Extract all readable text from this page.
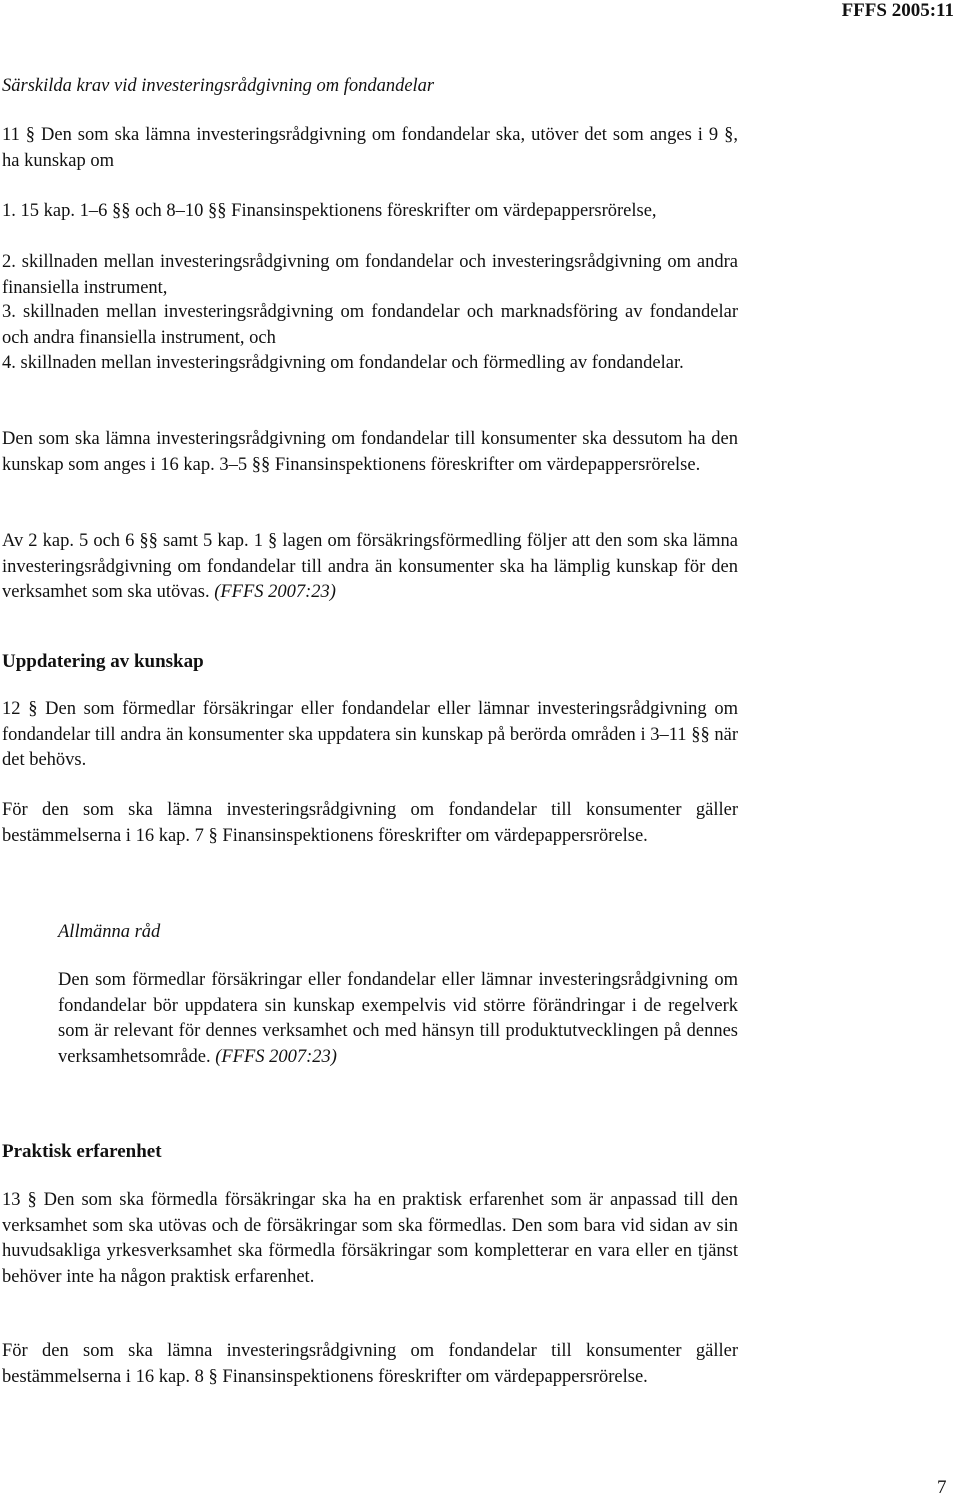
FFFS 2005:11
Särskilda krav vid investeringsrådgivning om fondandelar
11 § Den som ska lämna investeringsrådgivning om fondandelar ska, utöver det som anges i 9 §, ha kunskap om
1. 15 kap. 1–6 §§ och 8–10 §§ Finansinspektionens föreskrifter om värdepappersrörelse,
2. skillnaden mellan investeringsrådgivning om fondandelar och investeringsrådgivning om andra finansiella instrument,
3. skillnaden mellan investeringsrådgivning om fondandelar och marknadsföring av fondandelar och andra finansiella instrument, och
4. skillnaden mellan investeringsrådgivning om fondandelar och förmedling av fondandelar.
Den som ska lämna investeringsrådgivning om fondandelar till konsumenter ska dessutom ha den kunskap som anges i 16 kap. 3–5 §§ Finansinspektionens föreskrifter om värdepappersrörelse.
Av 2 kap. 5 och 6 §§ samt 5 kap. 1 § lagen om försäkringsförmedling följer att den som ska lämna investeringsrådgivning om fondandelar till andra än konsumenter ska ha lämplig kunskap för den verksamhet som ska utövas. (FFFS 2007:23)
Uppdatering av kunskap
12 § Den som förmedlar försäkringar eller fondandelar eller lämnar investeringsrådgivning om fondandelar till andra än konsumenter ska uppdatera sin kunskap på berörda områden i 3–11 §§ när det behövs.
För den som ska lämna investeringsrådgivning om fondandelar till konsumenter gäller bestämmelserna i 16 kap. 7 § Finansinspektionens föreskrifter om värdepappersrörelse.
Allmänna råd
Den som förmedlar försäkringar eller fondandelar eller lämnar investeringsrådgivning om fondandelar bör uppdatera sin kunskap exempelvis vid större förändringar i de regelverk som är relevant för dennes verksamhet och med hänsyn till produktutvecklingen på dennes verksamhetsområde. (FFFS 2007:23)
Praktisk erfarenhet
13 § Den som ska förmedla försäkringar ska ha en praktisk erfarenhet som är anpassad till den verksamhet som ska utövas och de försäkringar som ska förmedlas. Den som bara vid sidan av sin huvudsakliga yrkesverksamhet ska förmedla försäkringar som kompletterar en vara eller en tjänst behöver inte ha någon praktisk erfarenhet.
För den som ska lämna investeringsrådgivning om fondandelar till konsumenter gäller bestämmelserna i 16 kap. 8 § Finansinspektionens föreskrifter om värdepappersrörelse.
7
